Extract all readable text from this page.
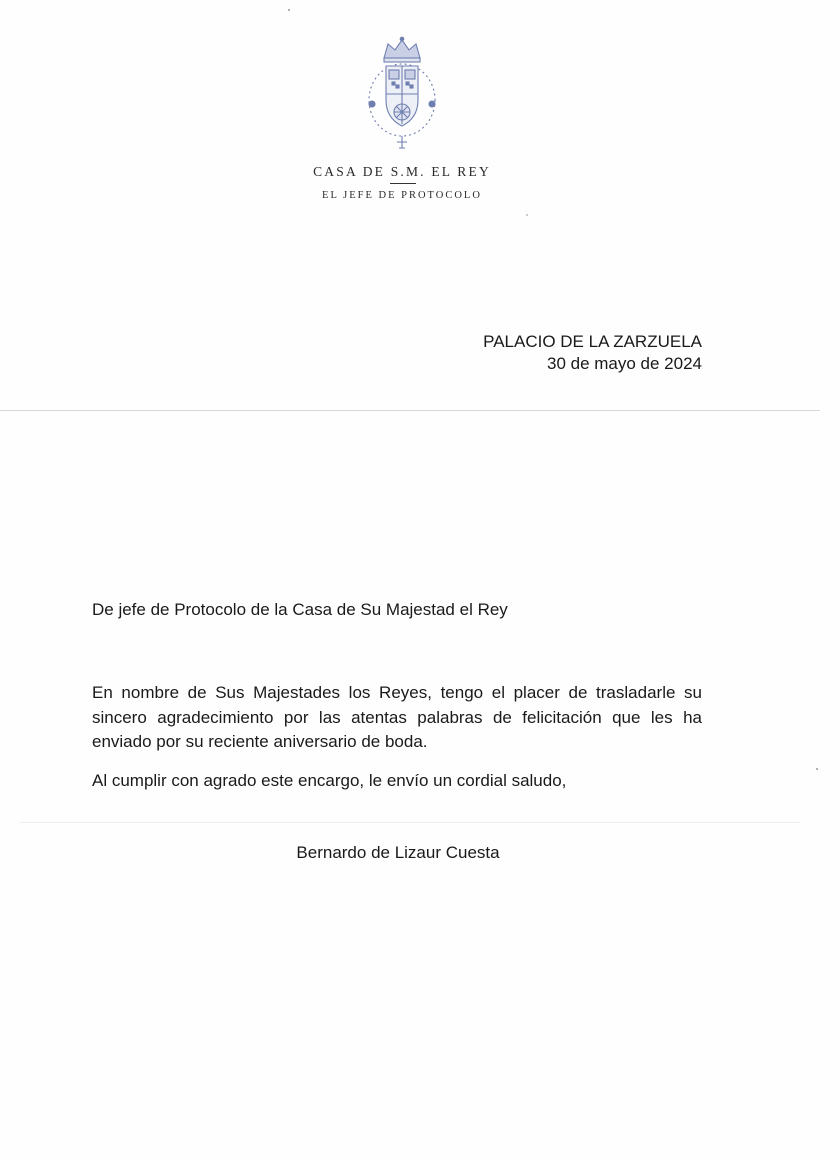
CASA DE S.M. EL REY
EL JEFE DE PROTOCOLO
PALACIO DE LA ZARZUELA
30 de mayo de 2024
De jefe de Protocolo de la Casa de Su Majestad el Rey
En nombre de Sus Majestades los Reyes, tengo el placer de trasladarle su sincero agradecimiento por las atentas palabras de felicitación que les ha enviado por su reciente aniversario de boda.
Al cumplir con agrado este encargo, le envío un cordial saludo,
Bernardo de Lizaur Cuesta
